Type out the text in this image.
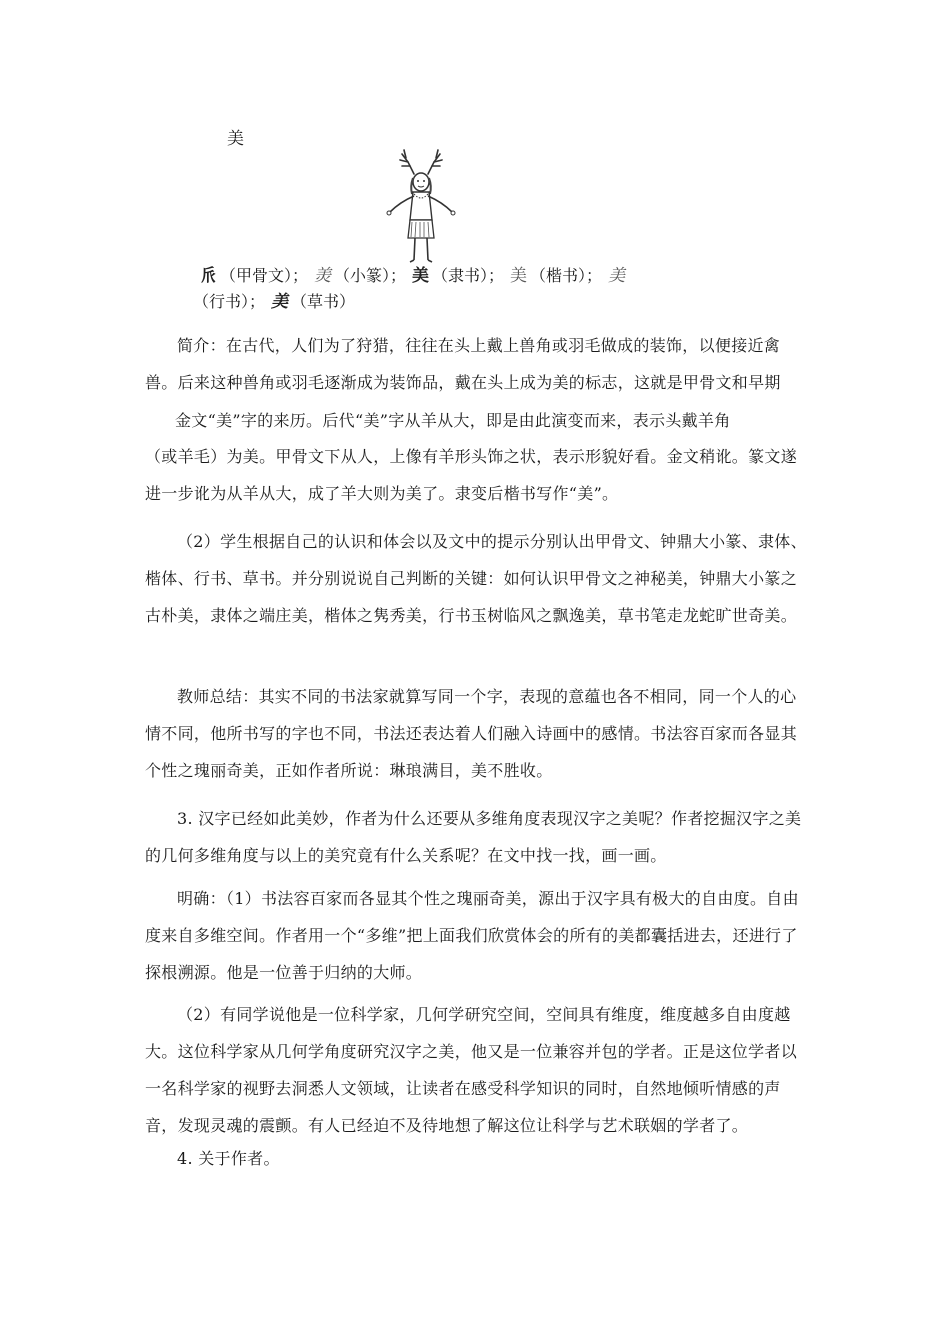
美
𠂢 （甲骨文）； 羙 （小篆）； 美 （隶书）； 美 （楷书）； 美
（行书）； 美 （草书）

简介：在古代，人们为了狩猎，往往在头上戴上兽角或羽毛做成的装饰，以便接近禽兽。后来这种兽角或羽毛逐渐成为装饰品，戴在头上成为美的标志，这就是甲骨文和早期

金文“美”字的来历。后代“美”字从羊从大，即是由此演变而来，表示头戴羊角

（或羊毛）为美。甲骨文下从人，上像有羊形头饰之状，表示形貌好看。金文稍讹。篆文遂进一步讹为从羊从大，成了羊大则为美了。隶变后楷书写作“美”。

（2）学生根据自己的认识和体会以及文中的提示分别认出甲骨文、钟鼎大小篆、隶体、楷体、行书、草书。并分别说说自己判断的关键：如何认识甲骨文之神秘美，钟鼎大小篆之古朴美，隶体之端庄美，楷体之隽秀美，行书玉树临风之飘逸美，草书笔走龙蛇旷世奇美。

教师总结：其实不同的书法家就算写同一个字，表现的意蕴也各不相同，同一个人的心情不同，他所书写的字也不同，书法还表达着人们融入诗画中的感情。书法容百家而各显其个性之瑰丽奇美，正如作者所说：琳琅满目，美不胜收。

3. 汉字已经如此美妙，作者为什么还要从多维角度表现汉字之美呢？作者挖掘汉字之美的几何多维角度与以上的美究竟有什么关系呢？在文中找一找，画一画。

明确：（1）书法容百家而各显其个性之瑰丽奇美，源出于汉字具有极大的自由度。自由度来自多维空间。作者用一个“多维”把上面我们欣赏体会的所有的美都囊括进去，还进行了探根溯源。他是一位善于归纳的大师。

（2）有同学说他是一位科学家，几何学研究空间，空间具有维度，维度越多自由度越大。这位科学家从几何学角度研究汉字之美，他又是一位兼容并包的学者。正是这位学者以一名科学家的视野去洞悉人文领域，让读者在感受科学知识的同时，自然地倾听情感的声音，发现灵魂的震颤。有人已经迫不及待地想了解这位让科学与艺术联姻的学者了。

4. 关于作者。
